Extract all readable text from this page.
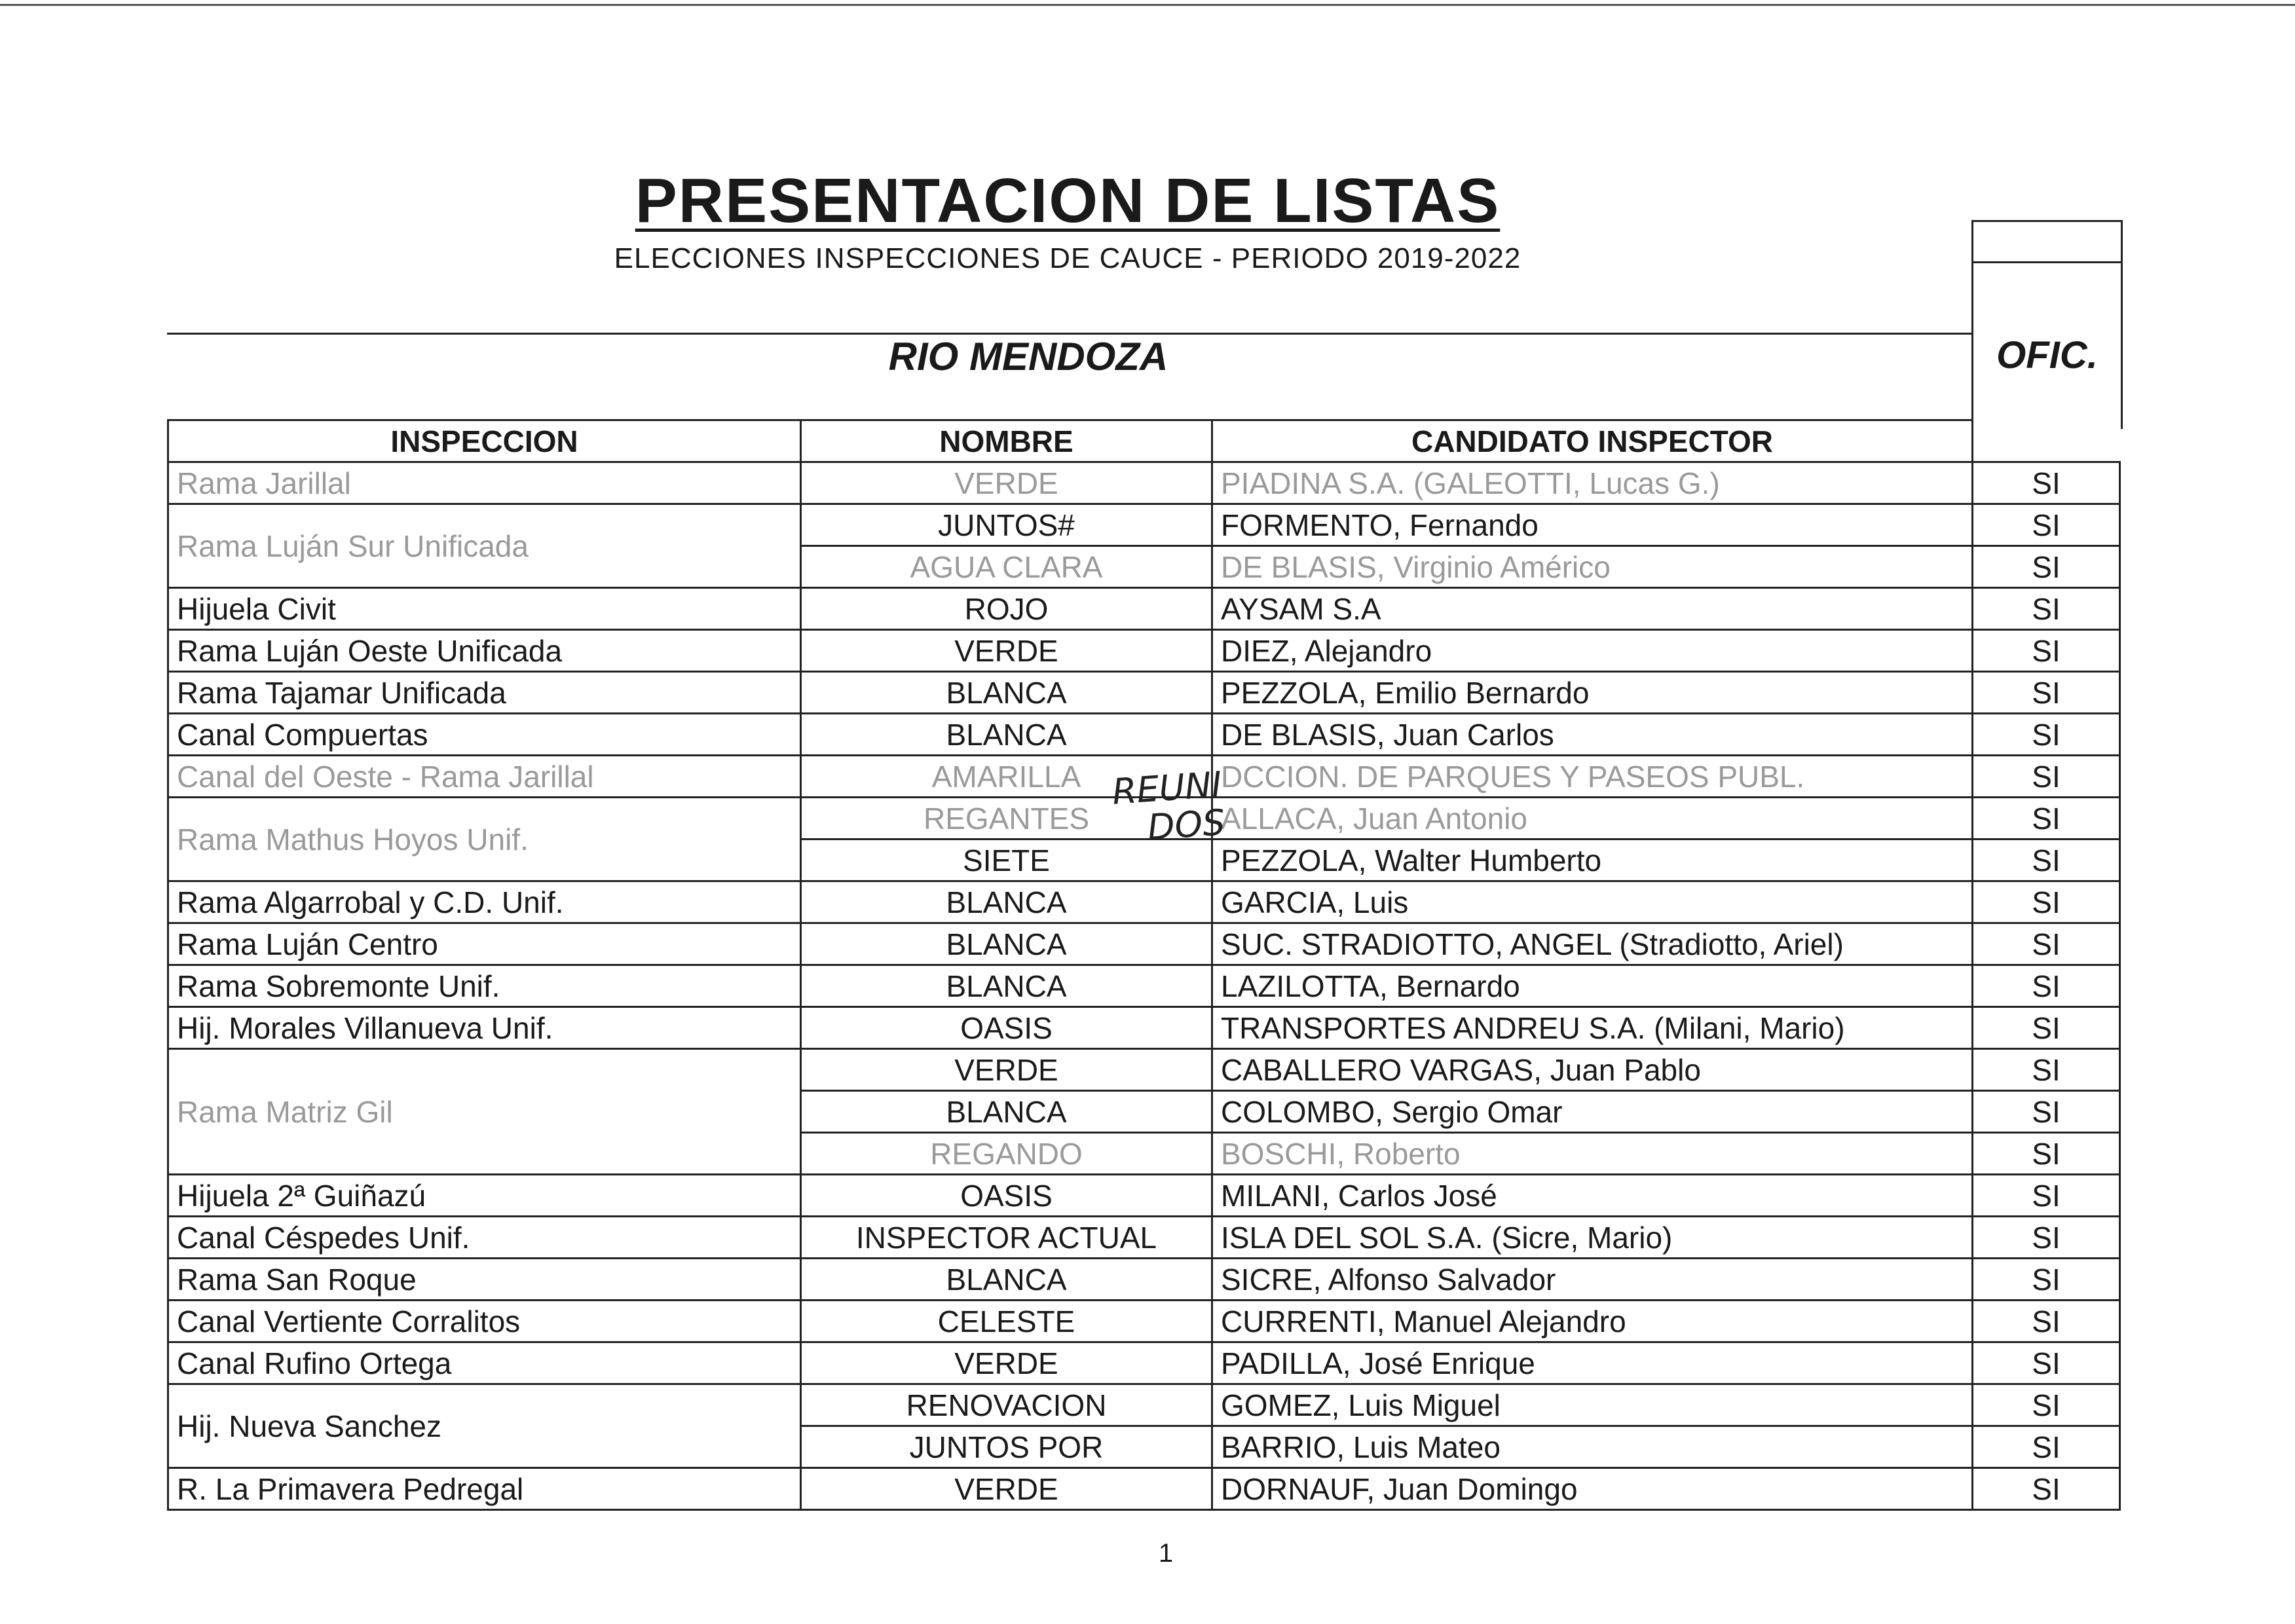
PRESENTACION DE LISTAS
ELECCIONES INSPECCIONES DE CAUCE - PERIODO 2019-2022
RIO MENDOZA	OFIC.
INSPECCION	NOMBRE	CANDIDATO INSPECTOR	
Rama Jarillal	VERDE	PIADINA S.A. (GALEOTTI, Lucas G.)	SI
Rama Luján Sur Unificada	JUNTOS#	FORMENTO, Fernando	SI
	AGUA CLARA	DE BLASIS, Virginio Américo	SI
Hijuela Civit	ROJO	AYSAM S.A	SI
Rama Luján Oeste Unificada	VERDE	DIEZ, Alejandro	SI
Rama Tajamar Unificada	BLANCA	PEZZOLA, Emilio Bernardo	SI
Canal Compuertas	BLANCA	DE BLASIS, Juan Carlos	SI
Canal del Oeste - Rama Jarillal	AMARILLA	DCCION. DE PARQUES Y PASEOS PUBL.	SI
Rama Mathus Hoyos Unif.	REGANTES	ALLACA, Juan Antonio	SI
	SIETE	PEZZOLA, Walter Humberto	SI
Rama Algarrobal y C.D. Unif.	BLANCA	GARCIA, Luis	SI
Rama Luján Centro	BLANCA	SUC. STRADIOTTO, ANGEL (Stradiotto, Ariel)	SI
Rama Sobremonte Unif.	BLANCA	LAZILOTTA, Bernardo	SI
Hij. Morales Villanueva Unif.	OASIS	TRANSPORTES ANDREU S.A. (Milani, Mario)	SI
Rama Matriz Gil	VERDE	CABALLERO VARGAS, Juan Pablo	SI
	BLANCA	COLOMBO, Sergio Omar	SI
	REGANDO	BOSCHI, Roberto	SI
Hijuela 2ª Guiñazú	OASIS	MILANI, Carlos José	SI
Canal Céspedes Unif.	INSPECTOR ACTUAL	ISLA DEL SOL S.A. (Sicre, Mario)	SI
Rama San Roque	BLANCA	SICRE, Alfonso Salvador	SI
Canal Vertiente Corralitos	CELESTE	CURRENTI, Manuel Alejandro	SI
Canal Rufino Ortega	VERDE	PADILLA, José Enrique	SI
Hij. Nueva Sanchez	RENOVACION	GOMEZ, Luis Miguel	SI
	JUNTOS POR	BARRIO, Luis Mateo	SI
R. La Primavera Pedregal	VERDE	DORNAUF, Juan Domingo	SI
REUNI
DOS
1
